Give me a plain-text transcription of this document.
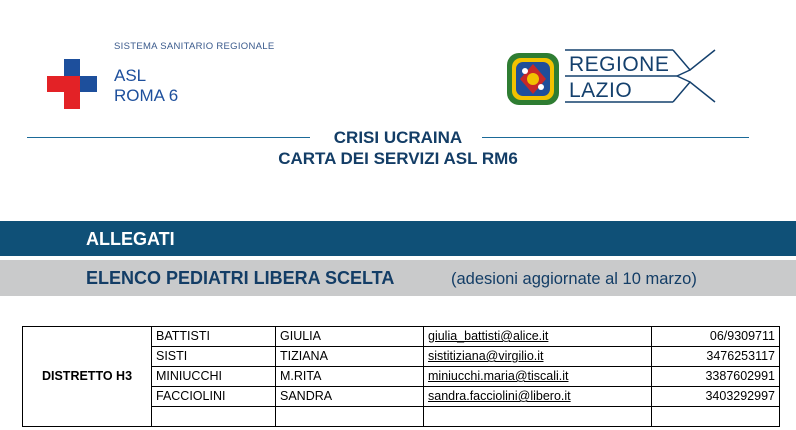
SISTEMA SANITARIO REGIONALE
ASL
ROMA 6
REGIONE
LAZIO
CRISI UCRAINA
CARTA DEI SERVIZI ASL RM6
ALLEGATI
ELENCO PEDIATRI LIBERA SCELTA	(adesioni aggiornate al 10 marzo)
DISTRETTO H3	BATTISTI	GIULIA	giulia_battisti@alice.it	06/9309711
	SISTI	TIZIANA	sistitiziana@virgilio.it	3476253117
	MINIUCCHI	M.RITA	miniucchi.maria@tiscali.it	3387602991
	FACCIOLINI	SANDRA	sandra.facciolini@libero.it	3403292997
